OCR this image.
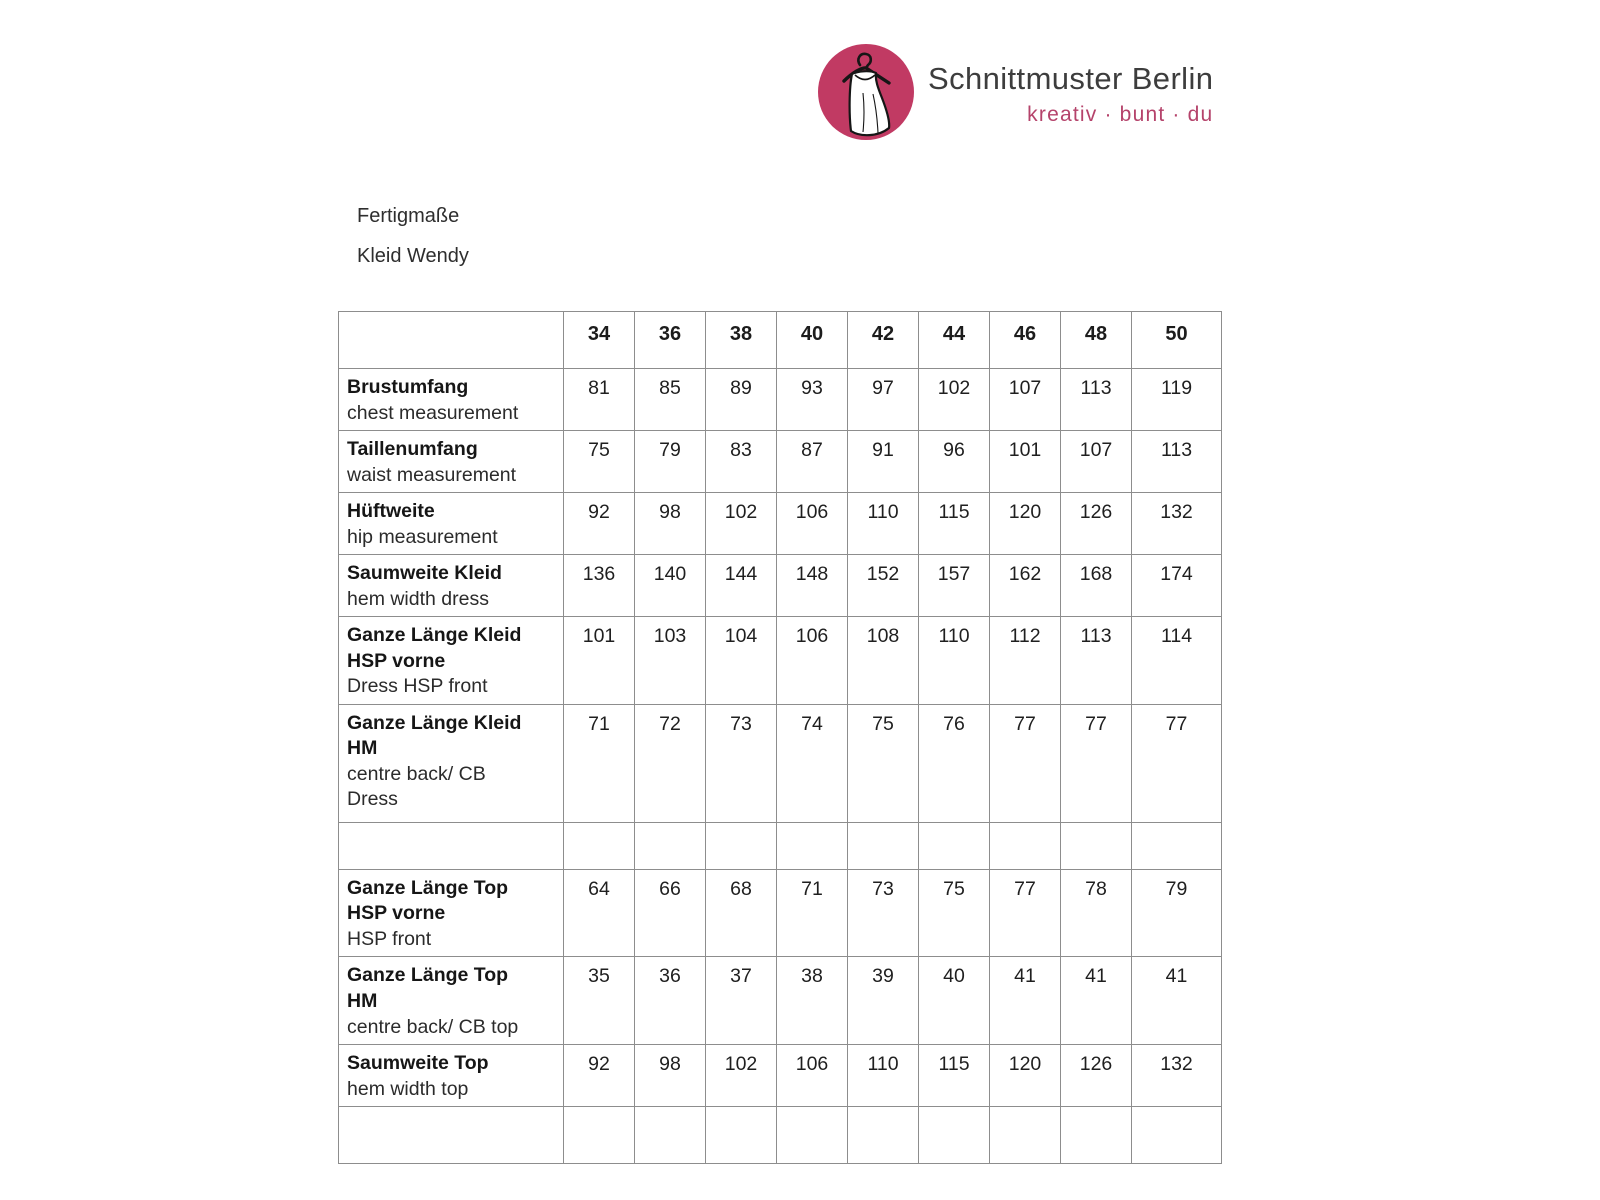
Schnittmuster Berlin
kreativ · bunt · du
Fertigmaße
Kleid Wendy
	34	36	38	40	42	44	46	48	50

Brustumfang
chest measurement	81	85	89	93	97	102	107	113	119

Taillenumfang
waist measurement	75	79	83	87	91	96	101	107	113

Hüftweite
hip measurement	92	98	102	106	110	115	120	126	132

Saumweite Kleid
hem width dress	136	140	144	148	152	157	162	168	174

Ganze Länge Kleid
HSP vorne
Dress HSP front	101	103	104	106	108	110	112	113	114

Ganze Länge Kleid
HM
centre back/ CB
Dress	71	72	73	74	75	76	77	77	77

Ganze Länge Top
HSP vorne
HSP front	64	66	68	71	73	75	77	78	79

Ganze Länge Top
HM
centre back/ CB top	35	36	37	38	39	40	41	41	41

Saumweite Top
hem width top	92	98	102	106	110	115	120	126	132
